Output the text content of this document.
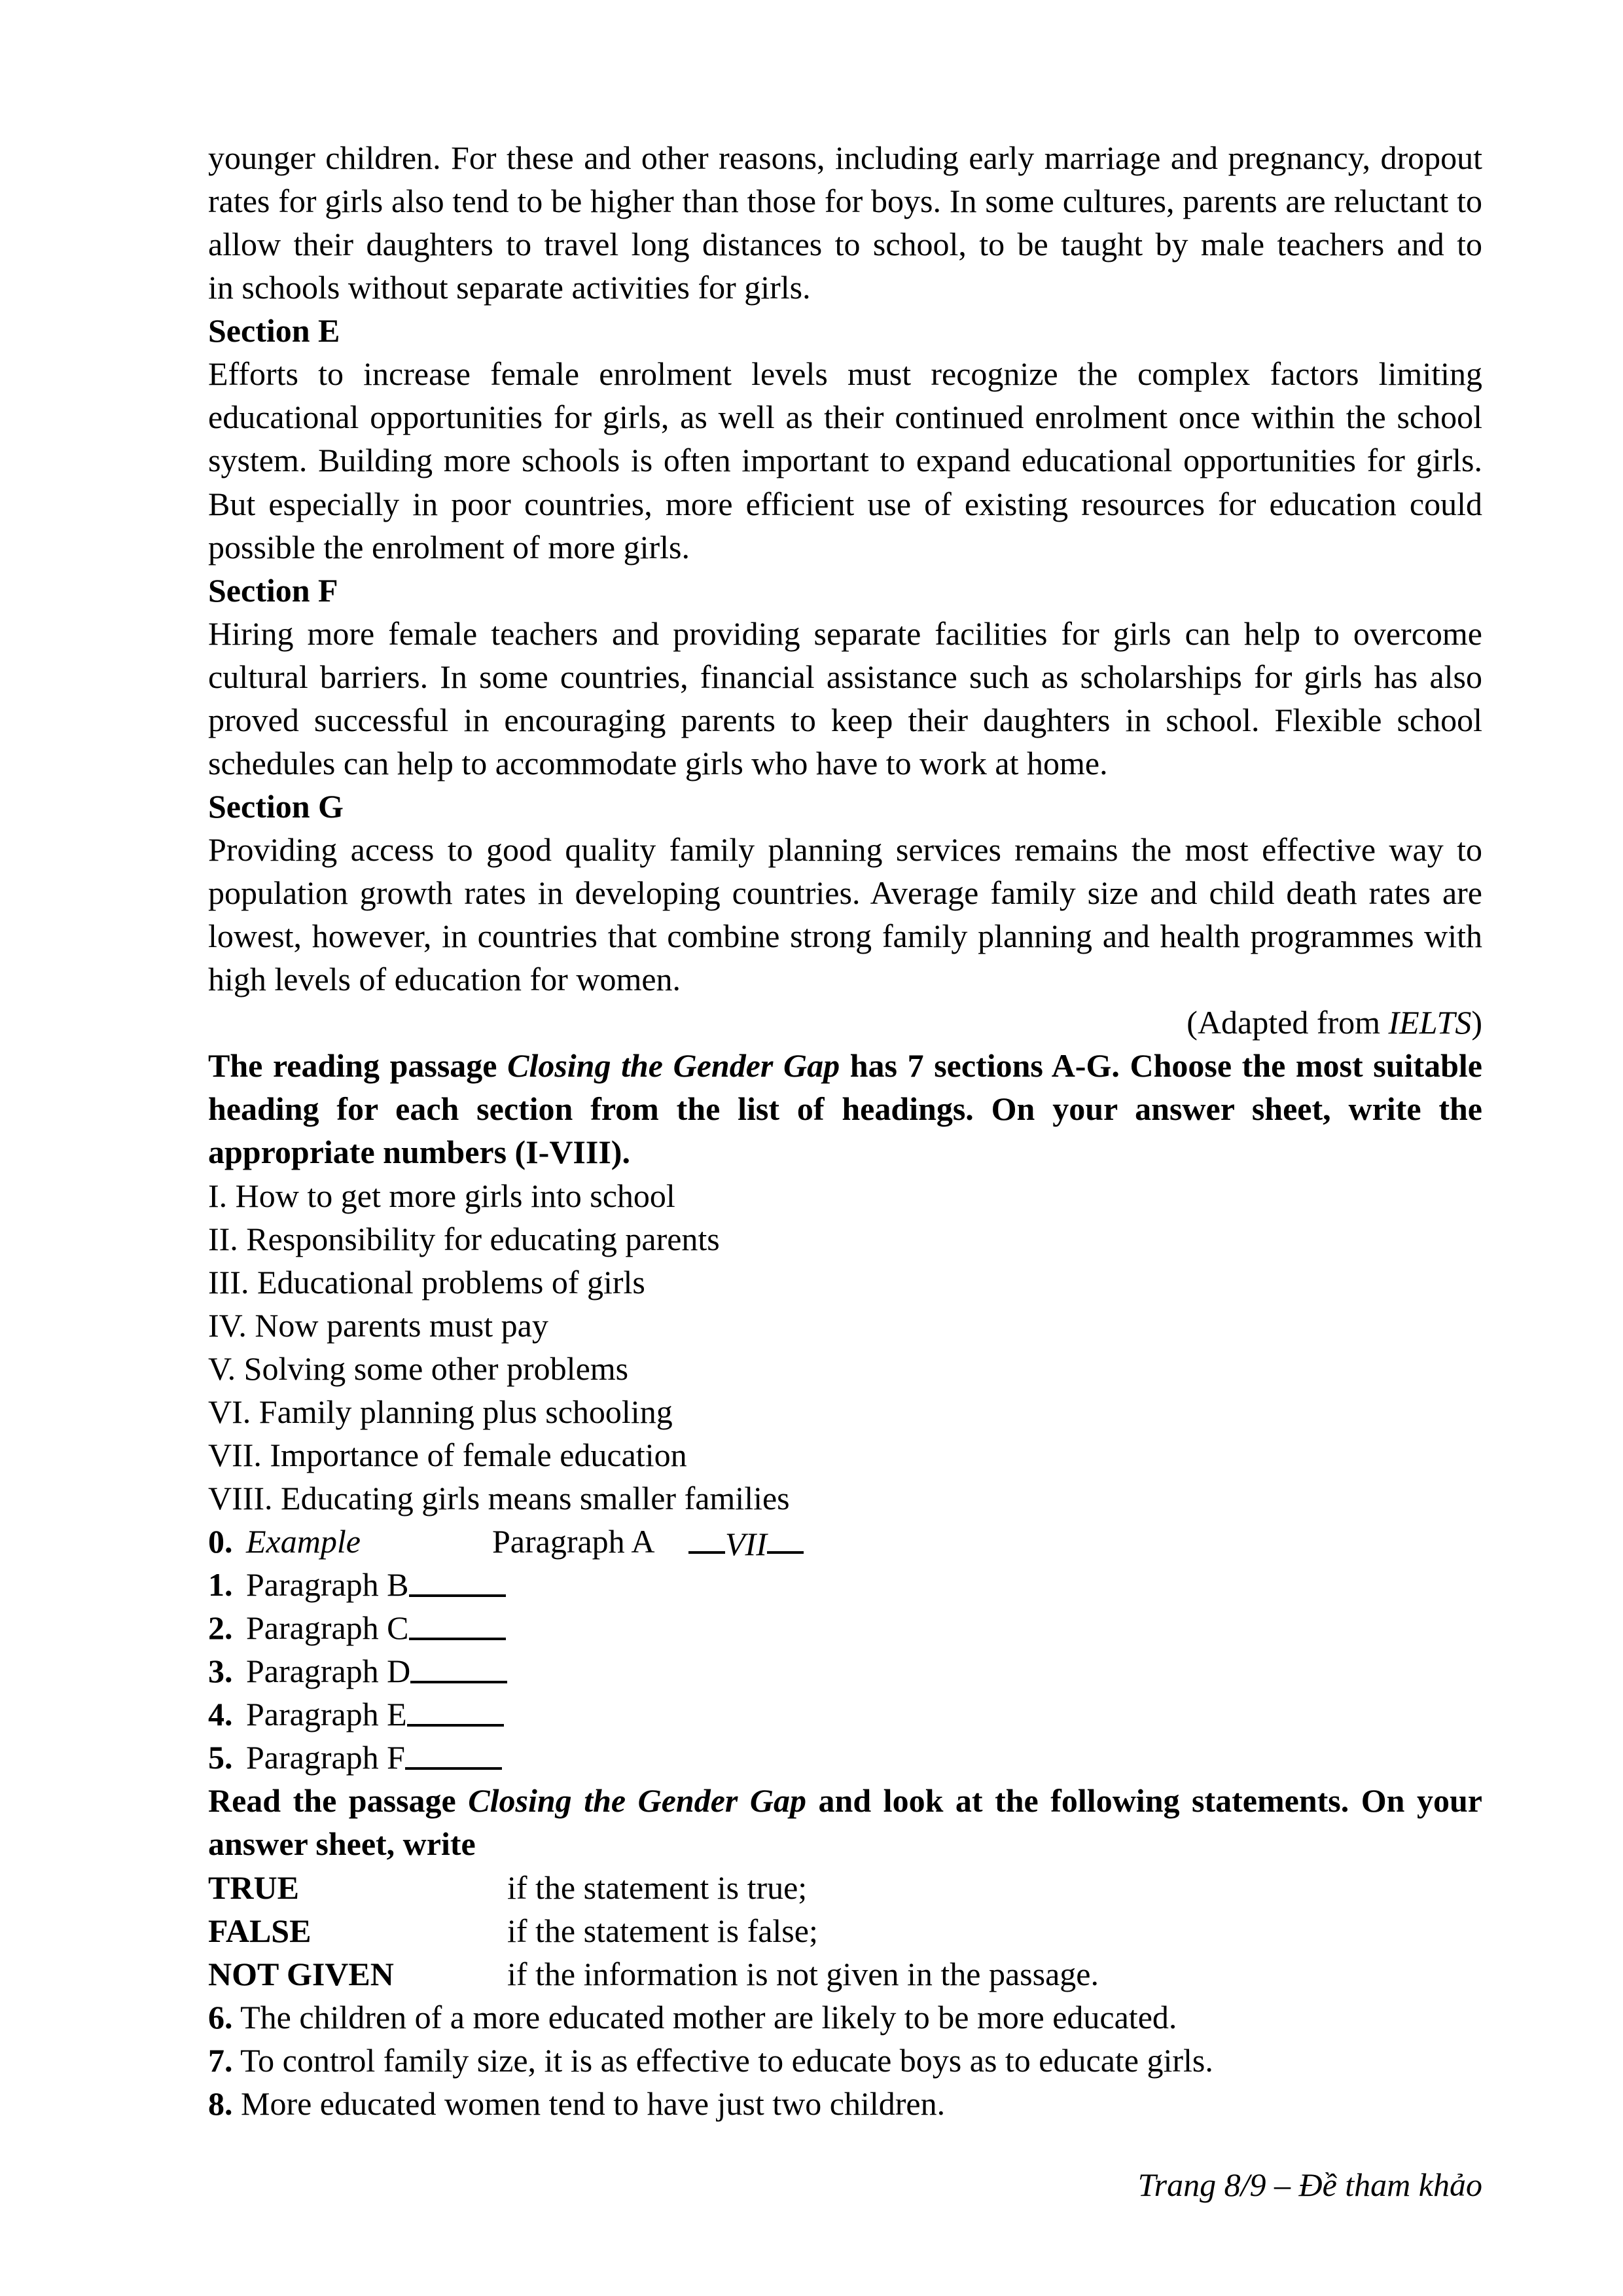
younger children. For these and other reasons, including early marriage and pregnancy, dropout
rates for girls also tend to be higher than those for boys. In some cultures, parents are reluctant to
allow their daughters to travel long distances to school, to be taught by male teachers and to
in schools without separate activities for girls.
Section E
Efforts to increase female enrolment levels must recognize the complex factors limiting
educational opportunities for girls, as well as their continued enrolment once within the school
system. Building more schools is often important to expand educational opportunities for girls.
But especially in poor countries, more efficient use of existing resources for education could
possible the enrolment of more girls.
Section F
Hiring more female teachers and providing separate facilities for girls can help to overcome
cultural barriers. In some countries, financial assistance such as scholarships for girls has also
proved successful in encouraging parents to keep their daughters in school. Flexible school
schedules can help to accommodate girls who have to work at home.
Section G
Providing access to good quality family planning services remains the most effective way to
population growth rates in developing countries. Average family size and child death rates are
lowest, however, in countries that combine strong family planning and health programmes with
high levels of education for women.
(Adapted from IELTS)
The reading passage Closing the Gender Gap has 7 sections A-G. Choose the most suitable
heading for each section from the list of headings. On your answer sheet, write the
appropriate numbers (I-VIII).
I. How to get more girls into school
II. Responsibility for educating parents
III. Educational problems of girls
IV. Now parents must pay
V. Solving some other problems
VI. Family planning plus schooling
VII. Importance of female education
VIII. Educating girls means smaller families
0. Example	Paragraph A	VII
1. Paragraph B
2. Paragraph C
3. Paragraph D
4. Paragraph E
5. Paragraph F
Read the passage Closing the Gender Gap and look at the following statements. On your
answer sheet, write
TRUE	if the statement is true;
FALSE	if the statement is false;
NOT GIVEN	if the information is not given in the passage.
6. The children of a more educated mother are likely to be more educated.
7. To control family size, it is as effective to educate boys as to educate girls.
8. More educated women tend to have just two children.
Trang 8/9 – Đề tham khảo
